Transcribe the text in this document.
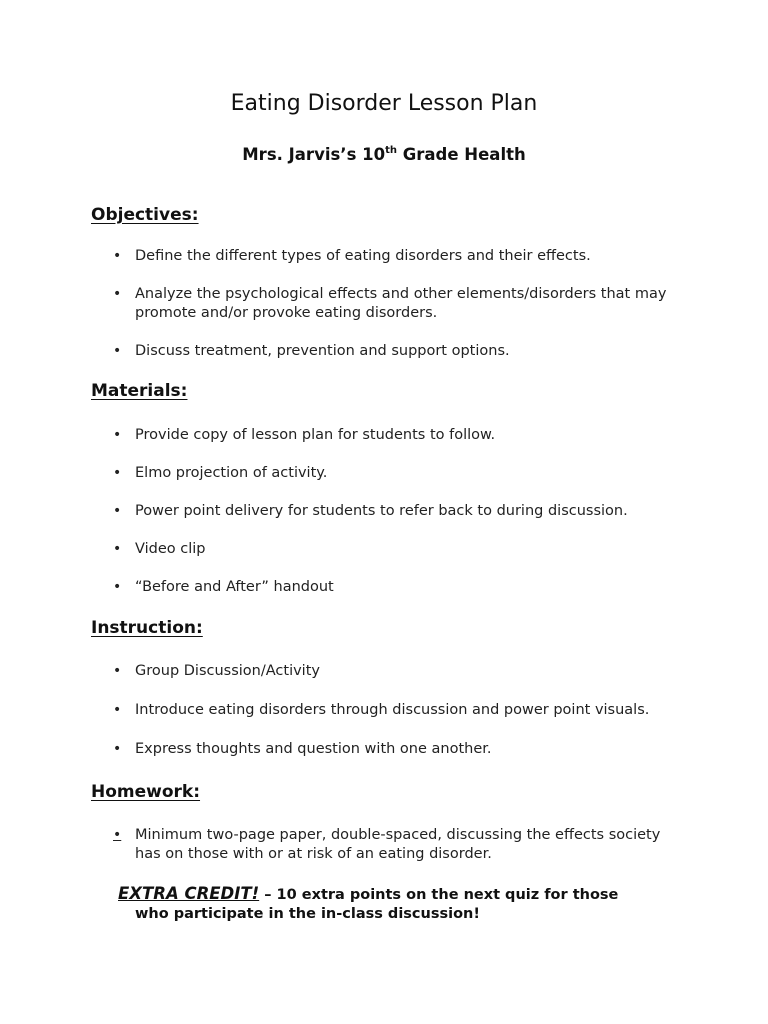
Eating Disorder Lesson Plan
Mrs. Jarvis’s 10th Grade Health
Objectives:
• Define the different types of eating disorders and their effects.
• Analyze the psychological effects and other elements/disorders that may promote and/or provoke eating disorders.
• Discuss treatment, prevention and support options.
Materials:
• Provide copy of lesson plan for students to follow.
• Elmo projection of activity.
• Power point delivery for students to refer back to during discussion.
• Video clip
• “Before and After” handout
Instruction:
• Group Discussion/Activity
• Introduce eating disorders through discussion and power point visuals.
• Express thoughts and question with one another.
Homework:
• Minimum two-page paper, double-spaced, discussing the effects society has on those with or at risk of an eating disorder.
EXTRA CREDIT! – 10 extra points on the next quiz for those
who participate in the in-class discussion!
